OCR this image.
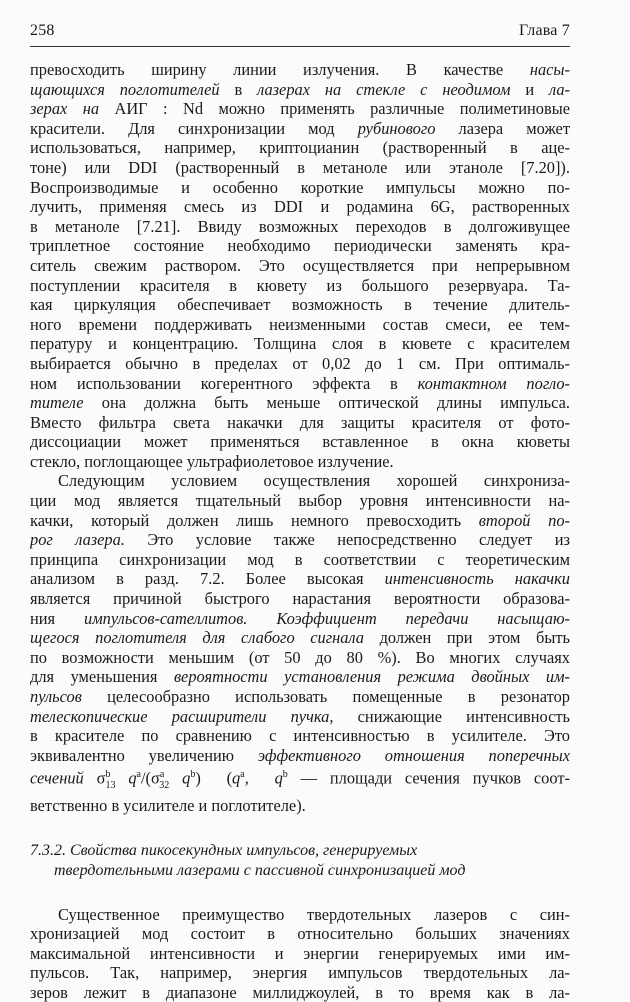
258	Глава 7
превосходить ширину линии излучения. В качестве насы-
щающихся поглотителей в лазерах на стекле с неодимом и ла-
зерах на АИГ : Nd можно применять различные полиметиновые
красители. Для синхронизации мод рубинового лазера может
использоваться, например, криптоцианин (растворенный в аце-
тоне) или DDI (растворенный в метаноле или этаноле [7.20]).
Воспроизводимые и особенно короткие импульсы можно по-
лучить, применяя смесь из DDI и родамина 6G, растворенных
в метаноле [7.21]. Ввиду возможных переходов в долгоживущее
триплетное состояние необходимо периодически заменять кра-
ситель свежим раствором. Это осуществляется при непрерывном
поступлении красителя в кювету из большого резервуара. Та-
кая циркуляция обеспечивает возможность в течение длитель-
ного времени поддерживать неизменными состав смеси, ее тем-
пературу и концентрацию. Толщина слоя в кювете с красителем
выбирается обычно в пределах от 0,02 до 1 см. При оптималь-
ном использовании когерентного эффекта в контактном погло-
тителе она должна быть меньше оптической длины импульса.
Вместо фильтра света накачки для защиты красителя от фото-
диссоциации может применяться вставленное в окна кюветы
стекло, поглощающее ультрафиолетовое излучение.
Следующим условием осуществления хорошей синхрониза-
ции мод является тщательный выбор уровня интенсивности на-
качки, который должен лишь немного превосходить второй по-
рог лазера. Это условие также непосредственно следует из
принципа синхронизации мод в соответствии с теоретическим
анализом в разд. 7.2. Более высокая интенсивность накачки
является причиной быстрого нарастания вероятности образова-
ния импульсов-сателлитов. Коэффициент передачи насыщаю-
щегося поглотителя для слабого сигнала должен при этом быть
по возможности меньшим (от 50 до 80 %). Во многих случаях
для уменьшения вероятности установления режима двойных им-
пульсов целесообразно использовать помещенные в резонатор
телескопические расширители пучка, снижающие интенсивность
в красителе по сравнению с интенсивностью в усилителе. Это
эквивалентно увеличению эффективного отношения поперечных
сечений $\sigma^b_{13}$ $q^a/(\sigma^a_{32}$ $q^b$)  ($q^a$,  $q^b$ — площади сечения пучков соот-
ветственно в усилителе и поглотителе).
7.3.2. Свойства пикосекундных импульсов, генерируемых
твердотельными лазерами с пассивной синхронизацией мод
Существенное преимущество твердотельных лазеров с син-
хронизацией мод состоит в относительно больших значениях
максимальной интенсивности и энергии генерируемых ими им-
пульсов. Так, например, энергия импульсов твердотельных ла-
зеров лежит в диапазоне миллиджоулей, в то время как в ла-
